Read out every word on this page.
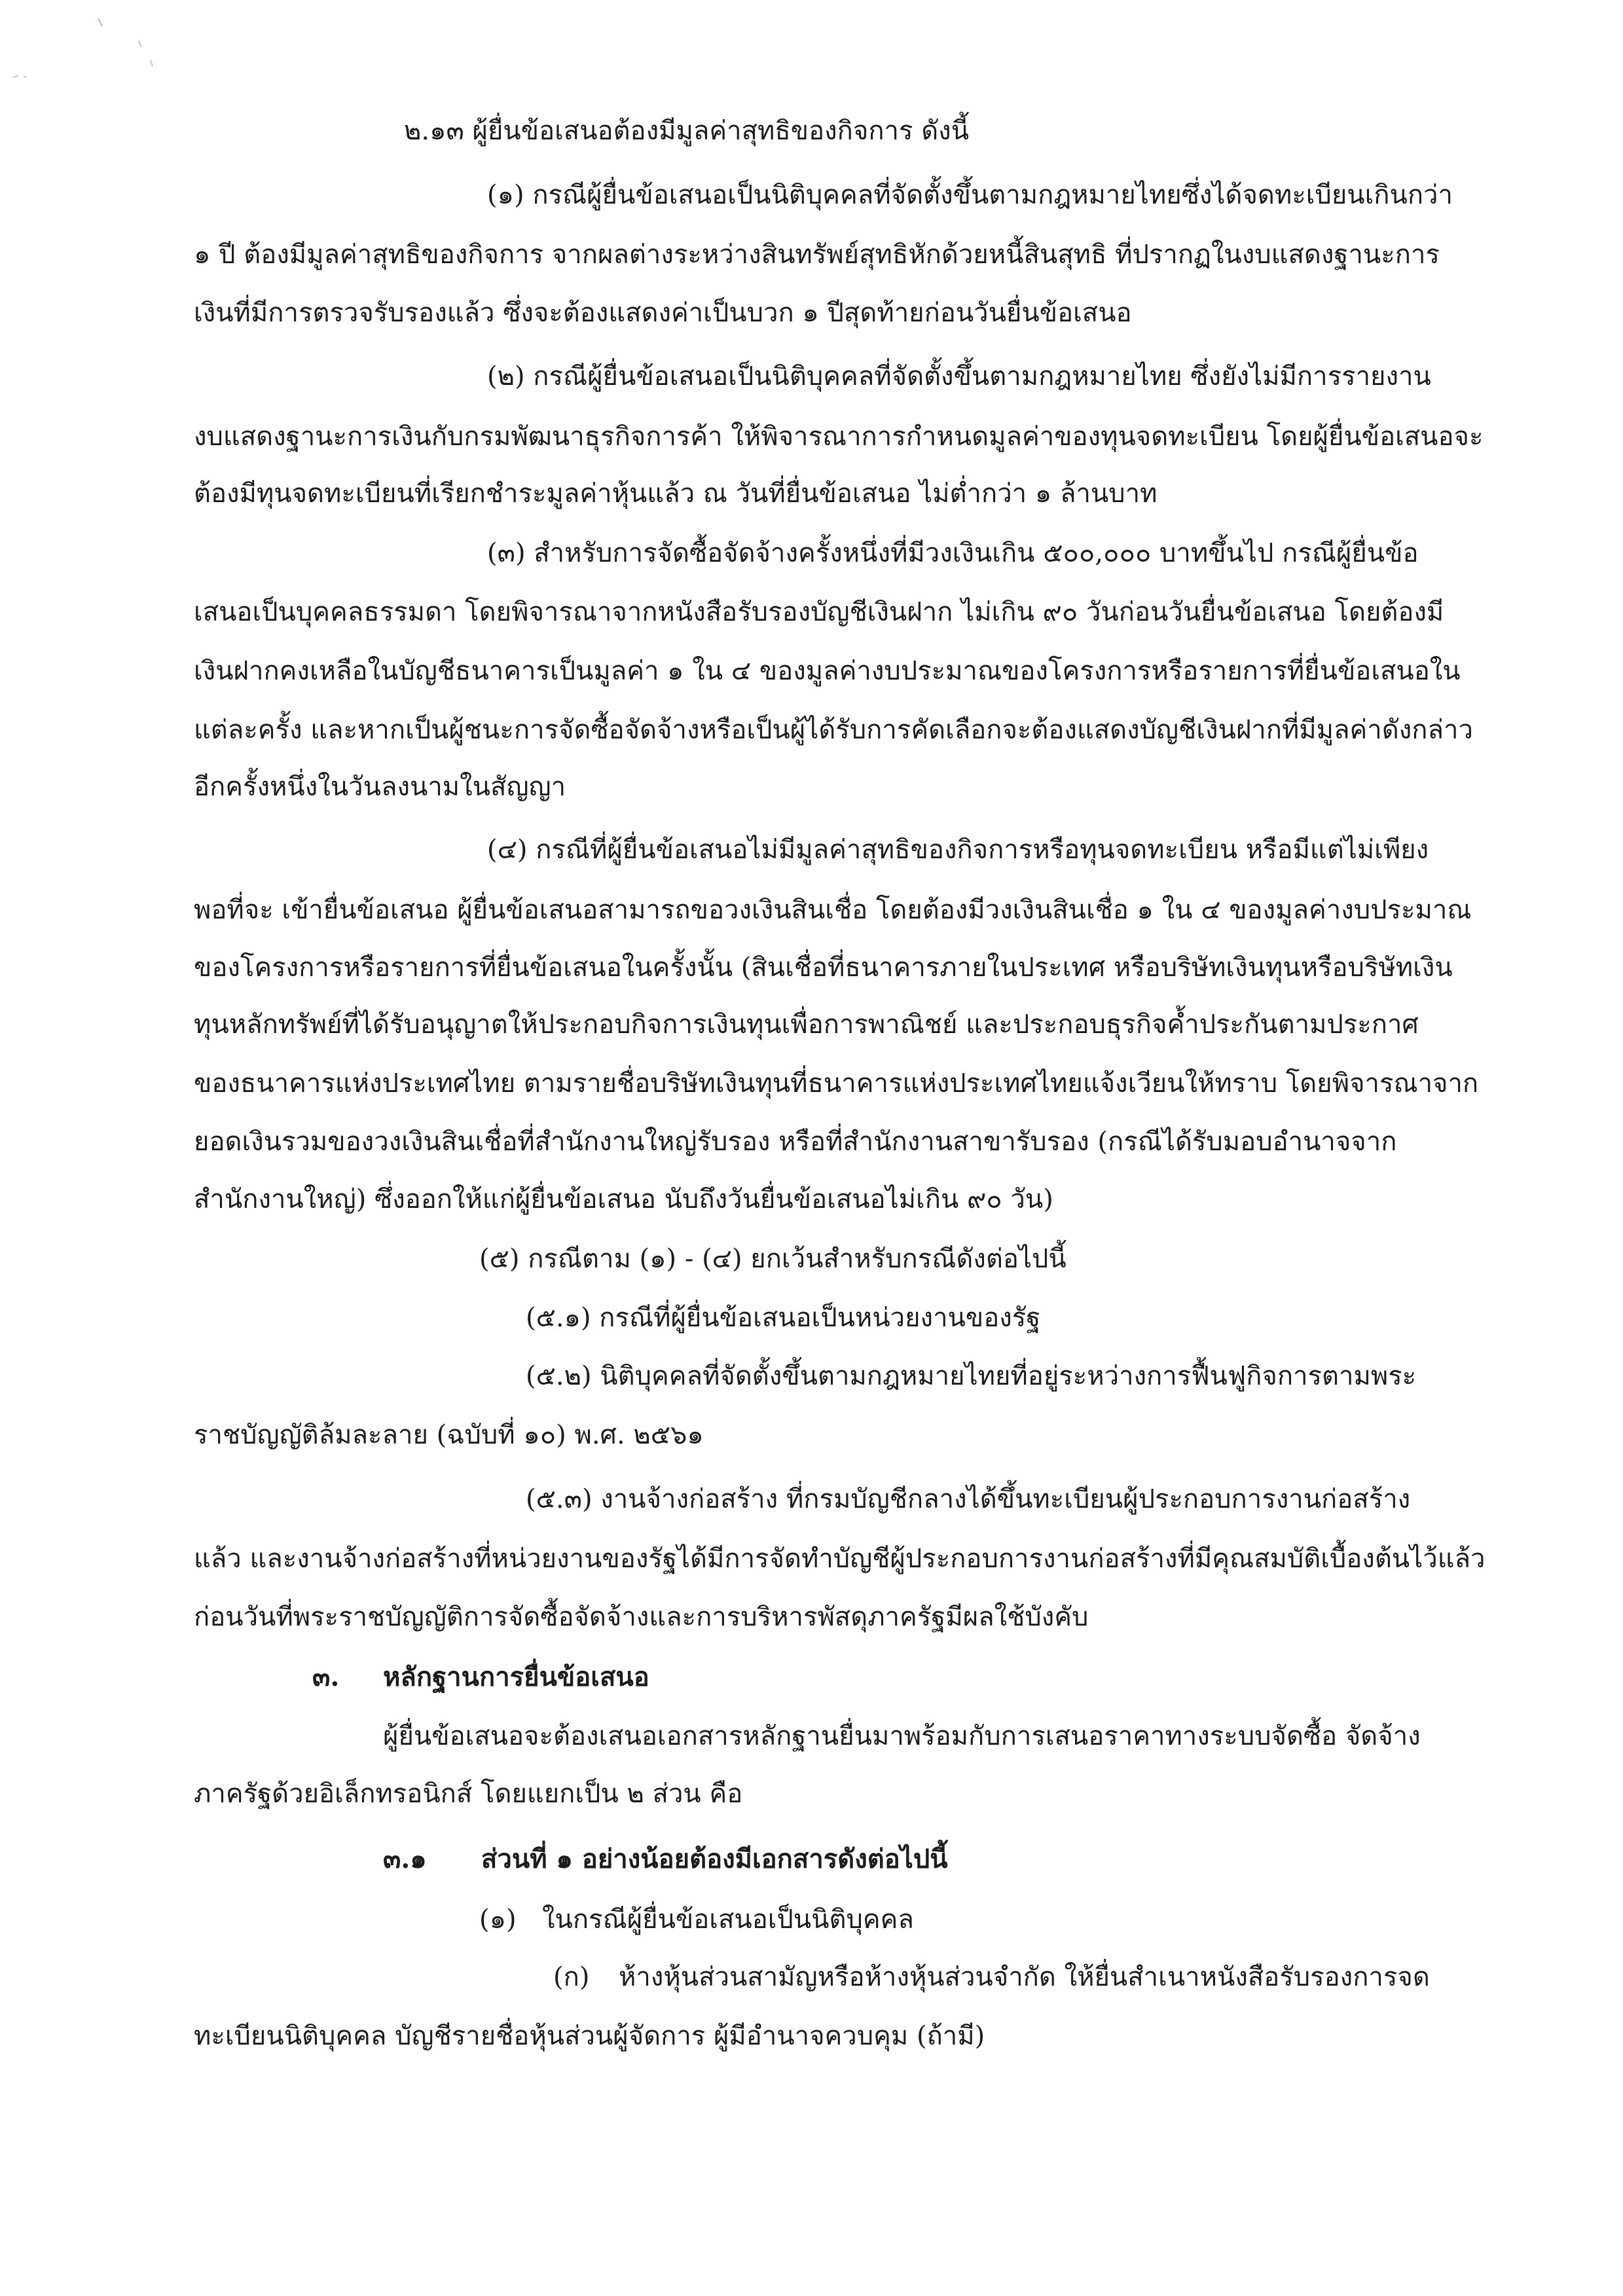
๒.๑๓ ผู้ยื่นข้อเสนอต้องมีมูลค่าสุทธิของกิจการ ดังนี้
(๑) กรณีผู้ยื่นข้อเสนอเป็นนิติบุคคลที่จัดตั้งขึ้นตามกฎหมายไทยซึ่งได้จดทะเบียนเกินกว่า
๑ ปี ต้องมีมูลค่าสุทธิของกิจการ จากผลต่างระหว่างสินทรัพย์สุทธิหักด้วยหนี้สินสุทธิ ที่ปรากฏในงบแสดงฐานะการ
เงินที่มีการตรวจรับรองแล้ว ซึ่งจะต้องแสดงค่าเป็นบวก ๑ ปีสุดท้ายก่อนวันยื่นข้อเสนอ
(๒) กรณีผู้ยื่นข้อเสนอเป็นนิติบุคคลที่จัดตั้งขึ้นตามกฎหมายไทย ซึ่งยังไม่มีการรายงาน
งบแสดงฐานะการเงินกับกรมพัฒนาธุรกิจการค้า ให้พิจารณาการกำหนดมูลค่าของทุนจดทะเบียน โดยผู้ยื่นข้อเสนอจะ
ต้องมีทุนจดทะเบียนที่เรียกชำระมูลค่าหุ้นแล้ว ณ วันที่ยื่นข้อเสนอ ไม่ต่ำกว่า ๑ ล้านบาท
(๓) สำหรับการจัดซื้อจัดจ้างครั้งหนึ่งที่มีวงเงินเกิน ๕๐๐,๐๐๐ บาทขึ้นไป กรณีผู้ยื่นข้อ
เสนอเป็นบุคคลธรรมดา โดยพิจารณาจากหนังสือรับรองบัญชีเงินฝาก ไม่เกิน ๙๐ วันก่อนวันยื่นข้อเสนอ โดยต้องมี
เงินฝากคงเหลือในบัญชีธนาคารเป็นมูลค่า ๑ ใน ๔ ของมูลค่างบประมาณของโครงการหรือรายการที่ยื่นข้อเสนอใน
แต่ละครั้ง และหากเป็นผู้ชนะการจัดซื้อจัดจ้างหรือเป็นผู้ได้รับการคัดเลือกจะต้องแสดงบัญชีเงินฝากที่มีมูลค่าดังกล่าว
อีกครั้งหนึ่งในวันลงนามในสัญญา
(๔) กรณีที่ผู้ยื่นข้อเสนอไม่มีมูลค่าสุทธิของกิจการหรือทุนจดทะเบียน หรือมีแต่ไม่เพียง
พอที่จะ เข้ายื่นข้อเสนอ ผู้ยื่นข้อเสนอสามารถขอวงเงินสินเชื่อ โดยต้องมีวงเงินสินเชื่อ ๑ ใน ๔ ของมูลค่างบประมาณ
ของโครงการหรือรายการที่ยื่นข้อเสนอในครั้งนั้น (สินเชื่อที่ธนาคารภายในประเทศ หรือบริษัทเงินทุนหรือบริษัทเงิน
ทุนหลักทรัพย์ที่ได้รับอนุญาตให้ประกอบกิจการเงินทุนเพื่อการพาณิชย์ และประกอบธุรกิจค้ำประกันตามประกาศ
ของธนาคารแห่งประเทศไทย ตามรายชื่อบริษัทเงินทุนที่ธนาคารแห่งประเทศไทยแจ้งเวียนให้ทราบ โดยพิจารณาจาก
ยอดเงินรวมของวงเงินสินเชื่อที่สำนักงานใหญ่รับรอง หรือที่สำนักงานสาขารับรอง (กรณีได้รับมอบอำนาจจาก
สำนักงานใหญ่) ซึ่งออกให้แก่ผู้ยื่นข้อเสนอ นับถึงวันยื่นข้อเสนอไม่เกิน ๙๐ วัน)
(๕) กรณีตาม (๑) - (๔) ยกเว้นสำหรับกรณีดังต่อไปนี้
(๕.๑) กรณีที่ผู้ยื่นข้อเสนอเป็นหน่วยงานของรัฐ
(๕.๒) นิติบุคคลที่จัดตั้งขึ้นตามกฎหมายไทยที่อยู่ระหว่างการฟื้นฟูกิจการตามพระ
ราชบัญญัติล้มละลาย (ฉบับที่ ๑๐) พ.ศ. ๒๕๖๑
(๕.๓) งานจ้างก่อสร้าง ที่กรมบัญชีกลางได้ขึ้นทะเบียนผู้ประกอบการงานก่อสร้าง
แล้ว และงานจ้างก่อสร้างที่หน่วยงานของรัฐได้มีการจัดทำบัญชีผู้ประกอบการงานก่อสร้างที่มีคุณสมบัติเบื้องต้นไว้แล้ว
ก่อนวันที่พระราชบัญญัติการจัดซื้อจัดจ้างและการบริหารพัสดุภาครัฐมีผลใช้บังคับ
๓. หลักฐานการยื่นข้อเสนอ
ผู้ยื่นข้อเสนอจะต้องเสนอเอกสารหลักฐานยื่นมาพร้อมกับการเสนอราคาทางระบบจัดซื้อ จัดจ้าง
ภาครัฐด้วยอิเล็กทรอนิกส์ โดยแยกเป็น ๒ ส่วน คือ
๓.๑ ส่วนที่ ๑ อย่างน้อยต้องมีเอกสารดังต่อไปนี้
(๑) ในกรณีผู้ยื่นข้อเสนอเป็นนิติบุคคล
(ก) ห้างหุ้นส่วนสามัญหรือห้างหุ้นส่วนจำกัด ให้ยื่นสำเนาหนังสือรับรองการจด
ทะเบียนนิติบุคคล บัญชีรายชื่อหุ้นส่วนผู้จัดการ ผู้มีอำนาจควบคุม (ถ้ามี)
